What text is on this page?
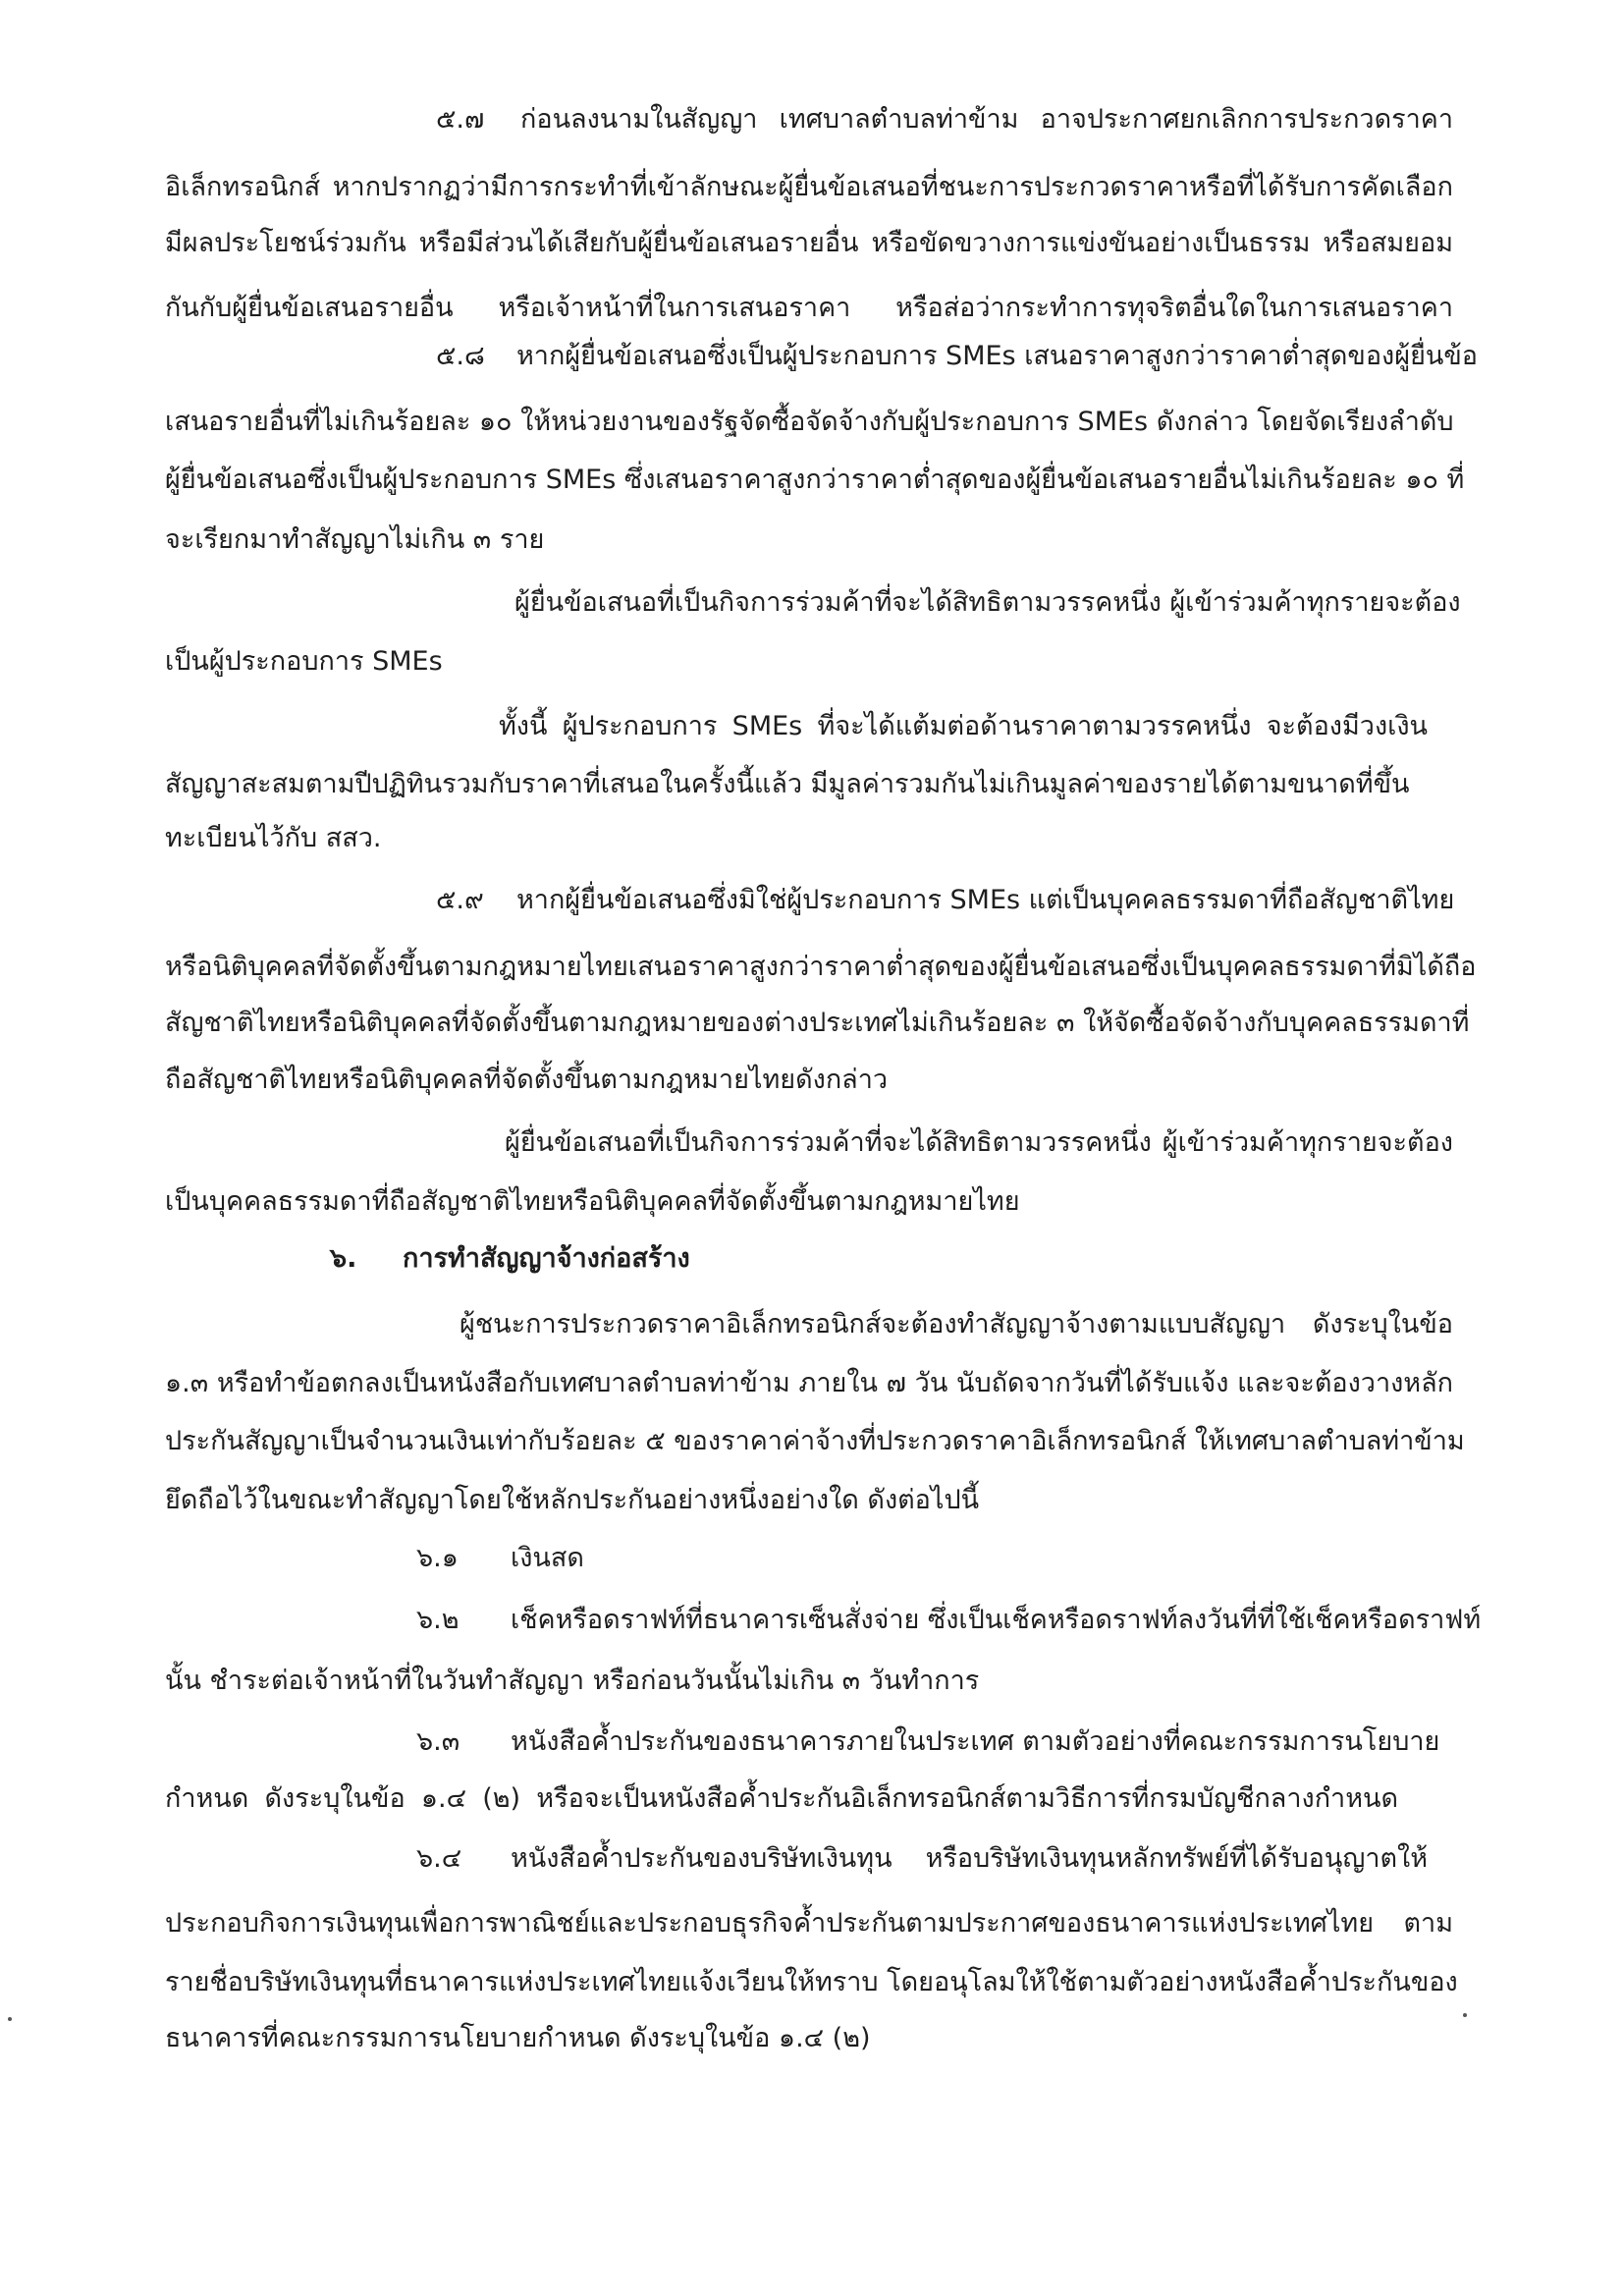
๕.๗ ก่อนลงนามในสัญญา เทศบาลตำบลท่าข้าม อาจประกาศยกเลิกการประกวดราคา
อิเล็กทรอนิกส์ หากปรากฏว่ามีการกระทำที่เข้าลักษณะผู้ยื่นข้อเสนอที่ชนะการประกวดราคาหรือที่ได้รับการคัดเลือก
มีผลประโยชน์ร่วมกัน หรือมีส่วนได้เสียกับผู้ยื่นข้อเสนอรายอื่น หรือขัดขวางการแข่งขันอย่างเป็นธรรม หรือสมยอม
กันกับผู้ยื่นข้อเสนอรายอื่น หรือเจ้าหน้าที่ในการเสนอราคา หรือส่อว่ากระทำการทุจริตอื่นใดในการเสนอราคา
๕.๘ หากผู้ยื่นข้อเสนอซึ่งเป็นผู้ประกอบการ SMEs เสนอราคาสูงกว่าราคาต่ำสุดของผู้ยื่นข้อ
เสนอรายอื่นที่ไม่เกินร้อยละ ๑๐ ให้หน่วยงานของรัฐจัดซื้อจัดจ้างกับผู้ประกอบการ SMEs ดังกล่าว โดยจัดเรียงลำดับ
ผู้ยื่นข้อเสนอซึ่งเป็นผู้ประกอบการ SMEs ซึ่งเสนอราคาสูงกว่าราคาต่ำสุดของผู้ยื่นข้อเสนอรายอื่นไม่เกินร้อยละ ๑๐ ที่
จะเรียกมาทำสัญญาไม่เกิน ๓ ราย
ผู้ยื่นข้อเสนอที่เป็นกิจการร่วมค้าที่จะได้สิทธิตามวรรคหนึ่ง ผู้เข้าร่วมค้าทุกรายจะต้อง
เป็นผู้ประกอบการ SMEs
ทั้งนี้ ผู้ประกอบการ SMEs ที่จะได้แต้มต่อด้านราคาตามวรรคหนึ่ง จะต้องมีวงเงิน
สัญญาสะสมตามปีปฏิทินรวมกับราคาที่เสนอในครั้งนี้แล้ว มีมูลค่ารวมกันไม่เกินมูลค่าของรายได้ตามขนาดที่ขึ้น
ทะเบียนไว้กับ สสว.
๕.๙ หากผู้ยื่นข้อเสนอซึ่งมิใช่ผู้ประกอบการ SMEs แต่เป็นบุคคลธรรมดาที่ถือสัญชาติไทย
หรือนิติบุคคลที่จัดตั้งขึ้นตามกฎหมายไทยเสนอราคาสูงกว่าราคาต่ำสุดของผู้ยื่นข้อเสนอซึ่งเป็นบุคคลธรรมดาที่มิได้ถือ
สัญชาติไทยหรือนิติบุคคลที่จัดตั้งขึ้นตามกฎหมายของต่างประเทศไม่เกินร้อยละ ๓ ให้จัดซื้อจัดจ้างกับบุคคลธรรมดาที่
ถือสัญชาติไทยหรือนิติบุคคลที่จัดตั้งขึ้นตามกฎหมายไทยดังกล่าว
ผู้ยื่นข้อเสนอที่เป็นกิจการร่วมค้าที่จะได้สิทธิตามวรรคหนึ่ง ผู้เข้าร่วมค้าทุกรายจะต้อง
เป็นบุคคลธรรมดาที่ถือสัญชาติไทยหรือนิติบุคคลที่จัดตั้งขึ้นตามกฎหมายไทย
๖. การทำสัญญาจ้างก่อสร้าง
ผู้ชนะการประกวดราคาอิเล็กทรอนิกส์จะต้องทำสัญญาจ้างตามแบบสัญญา ดังระบุในข้อ
๑.๓ หรือทำข้อตกลงเป็นหนังสือกับเทศบาลตำบลท่าข้าม ภายใน ๗ วัน นับถัดจากวันที่ได้รับแจ้ง และจะต้องวางหลัก
ประกันสัญญาเป็นจำนวนเงินเท่ากับร้อยละ ๕ ของราคาค่าจ้างที่ประกวดราคาอิเล็กทรอนิกส์ ให้เทศบาลตำบลท่าข้าม
ยึดถือไว้ในขณะทำสัญญาโดยใช้หลักประกันอย่างหนึ่งอย่างใด ดังต่อไปนี้
๖.๑ เงินสด
๖.๒ เช็คหรือดราฟท์ที่ธนาคารเซ็นสั่งจ่าย ซึ่งเป็นเช็คหรือดราฟท์ลงวันที่ที่ใช้เช็คหรือดราฟท์
นั้น ชำระต่อเจ้าหน้าที่ในวันทำสัญญา หรือก่อนวันนั้นไม่เกิน ๓ วันทำการ
๖.๓ หนังสือค้ำประกันของธนาคารภายในประเทศ ตามตัวอย่างที่คณะกรรมการนโยบาย
กำหนด ดังระบุในข้อ ๑.๔ (๒) หรือจะเป็นหนังสือค้ำประกันอิเล็กทรอนิกส์ตามวิธีการที่กรมบัญชีกลางกำหนด
๖.๔ หนังสือค้ำประกันของบริษัทเงินทุน หรือบริษัทเงินทุนหลักทรัพย์ที่ได้รับอนุญาตให้
ประกอบกิจการเงินทุนเพื่อการพาณิชย์และประกอบธุรกิจค้ำประกันตามประกาศของธนาคารแห่งประเทศไทย ตาม
รายชื่อบริษัทเงินทุนที่ธนาคารแห่งประเทศไทยแจ้งเวียนให้ทราบ โดยอนุโลมให้ใช้ตามตัวอย่างหนังสือค้ำประกันของ
ธนาคารที่คณะกรรมการนโยบายกำหนด ดังระบุในข้อ ๑.๔ (๒)
